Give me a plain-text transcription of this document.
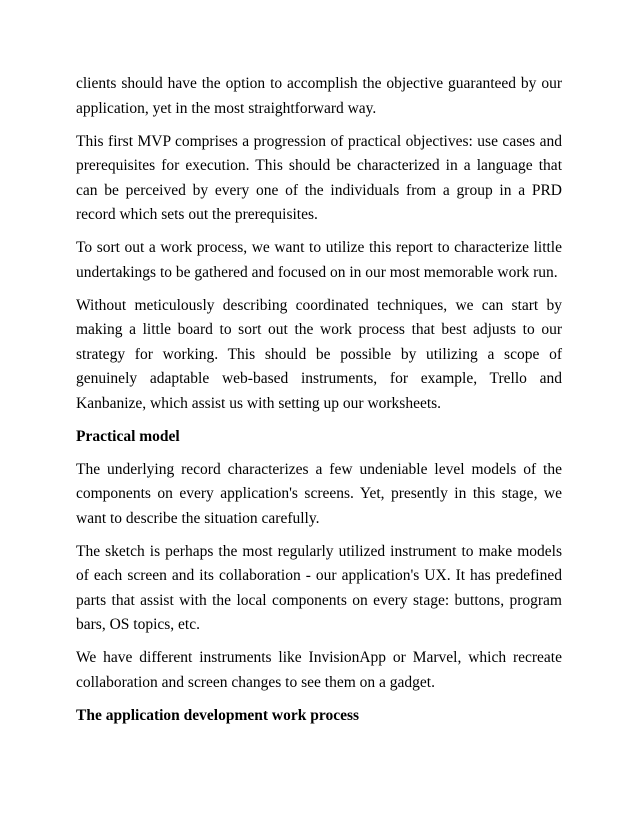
clients should have the option to accomplish the objective guaranteed by our application, yet in the most straightforward way.

This first MVP comprises a progression of practical objectives: use cases and prerequisites for execution. This should be characterized in a language that can be perceived by every one of the individuals from a group in a PRD record which sets out the prerequisites.

To sort out a work process, we want to utilize this report to characterize little undertakings to be gathered and focused on in our most memorable work run.

Without meticulously describing coordinated techniques, we can start by making a little board to sort out the work process that best adjusts to our strategy for working. This should be possible by utilizing a scope of genuinely adaptable web-based instruments, for example, Trello and Kanbanize, which assist us with setting up our worksheets.

Practical model

The underlying record characterizes a few undeniable level models of the components on every application's screens. Yet, presently in this stage, we want to describe the situation carefully.

The sketch is perhaps the most regularly utilized instrument to make models of each screen and its collaboration - our application's UX. It has predefined parts that assist with the local components on every stage: buttons, program bars, OS topics, etc.

We have different instruments like InvisionApp or Marvel, which recreate collaboration and screen changes to see them on a gadget.

The application development work process
